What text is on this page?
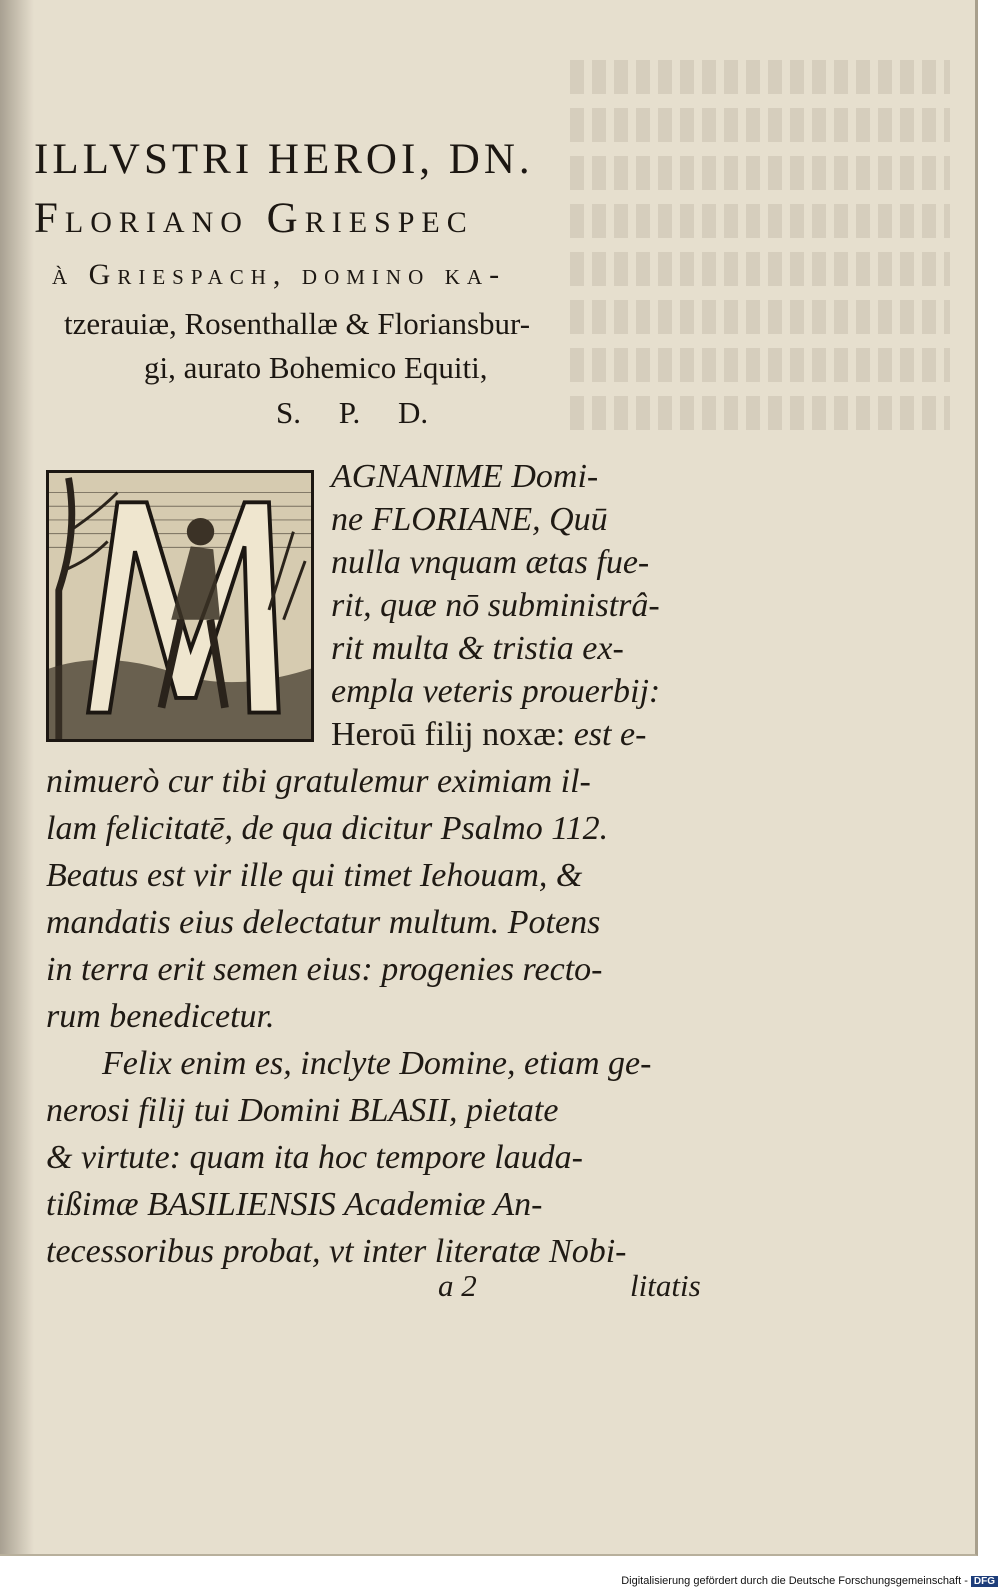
ILLVSTRI HEROI, DN.
Floriano Griespec
à Griespach, domino ka-
tzerauiæ, Rosenthallæ & Floriansbur-
gi, aurato Bohemico Equiti,
S. P. D.
AGNANIME Domi-
ne FLORIANE, Quū
nulla vnquam ætas fue-
rit, quæ nō subministrâ-
rit multa & tristia ex-
empla veteris prouerbij:
Heroū filij noxæ: est e-
nimuerò cur tibi gratulemur eximiam il-
lam felicitatē, de qua dicitur Psalmo 112.
Beatus est vir ille qui timet Iehouam, &
mandatis eius delectatur multum. Potens
in terra erit semen eius: progenies recto-
rum benedicetur.
Felix enim es, inclyte Domine, etiam ge-
nerosi filij tui Domini BLASII, pietate
& virtute: quam ita hoc tempore lauda-
tißimæ BASILIENSIS Academiæ An-
tecessoribus probat, vt inter literatæ Nobi-
a 2	litatis
Digitalisierung gefördert durch die Deutsche Forschungsgemeinschaft - DFG
